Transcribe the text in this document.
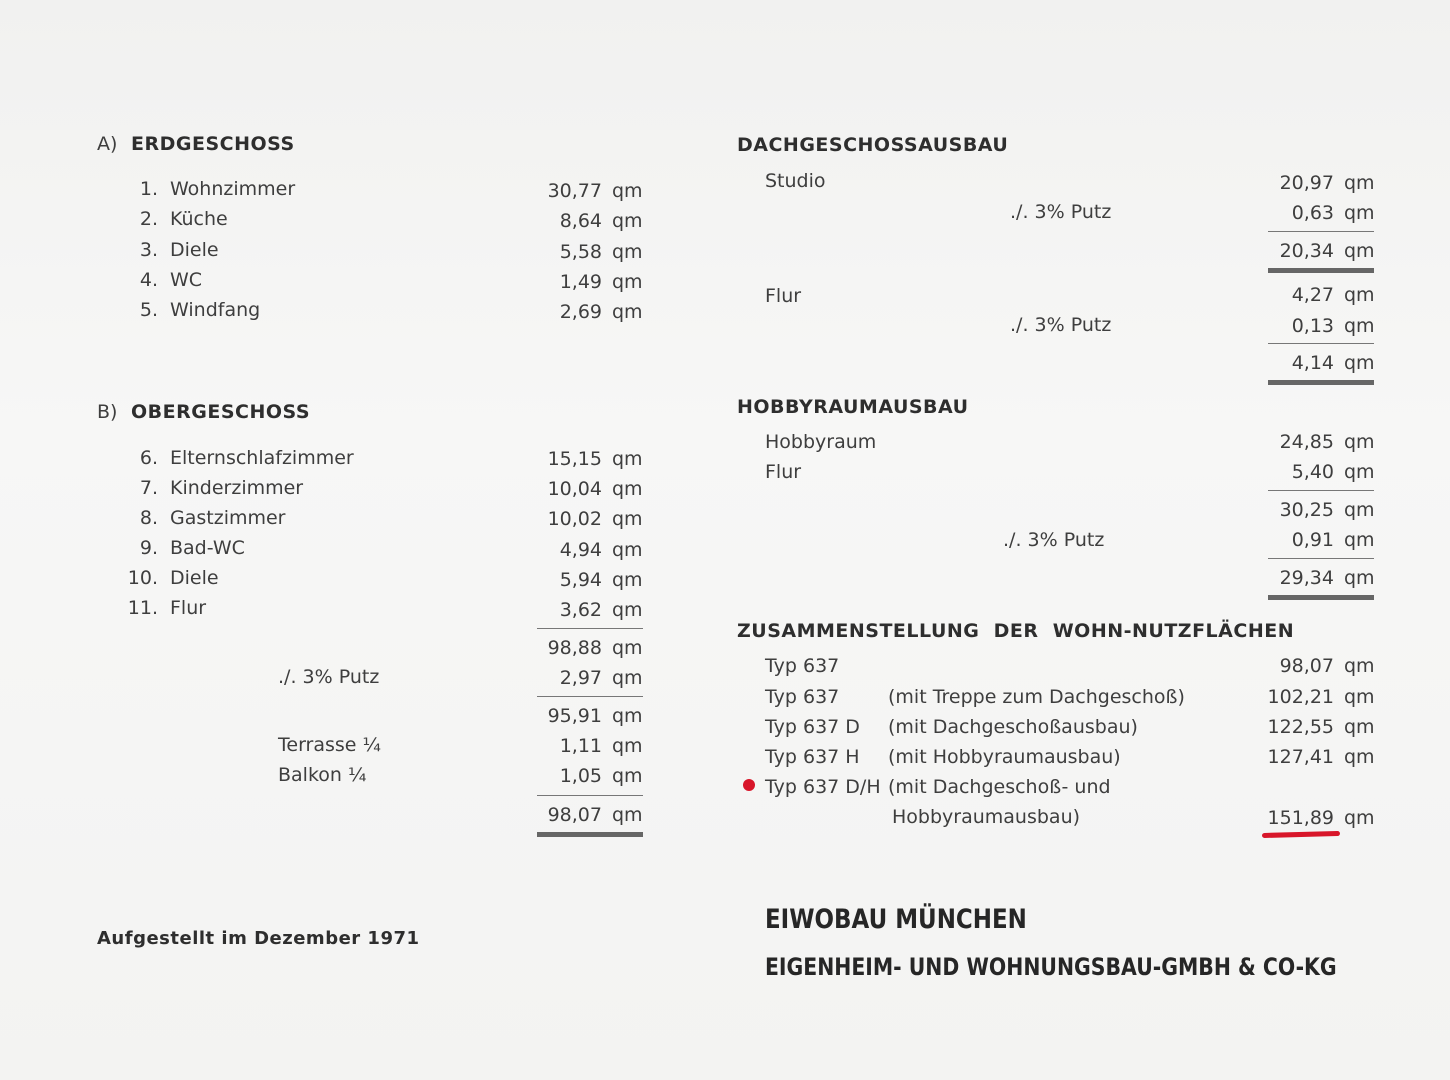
A) ERDGESCHOSS
1. Wohnzimmer	30,77 qm
2. Küche	8,64 qm
3. Diele	5,58 qm
4. WC	1,49 qm
5. Windfang	2,69 qm
B) OBERGESCHOSS
6. Elternschlafzimmer	15,15 qm
7. Kinderzimmer	10,04 qm
8. Gastzimmer	10,02 qm
9. Bad-WC	4,94 qm
10. Diele	5,94 qm
11. Flur	3,62 qm
98,88 qm
./. 3% Putz	2,97 qm
95,91 qm
Terrasse ¼	1,11 qm
Balkon ¼	1,05 qm
98,07 qm
Aufgestellt im Dezember 1971
DACHGESCHOSSAUSBAU
Studio	20,97 qm
./. 3% Putz	0,63 qm
20,34 qm
Flur	4,27 qm
./. 3% Putz	0,13 qm
4,14 qm
HOBBYRAUMAUSBAU
Hobbyraum	24,85 qm
Flur	5,40 qm
30,25 qm
./. 3% Putz	0,91 qm
29,34 qm
ZUSAMMENSTELLUNG  DER  WOHN-NUTZFLÄCHEN
Typ 637	98,07 qm
Typ 637	(mit Treppe zum Dachgeschoß)	102,21 qm
Typ 637 D (mit Dachgeschoßausbau)	122,55 qm
Typ 637 H (mit Hobbyraumausbau)	127,41 qm
Typ 637 D/H (mit Dachgeschoß- und
Hobbyraumausbau)	151,89 qm
EIWOBAU MÜNCHEN
EIGENHEIM- UND WOHNUNGSBAU-GMBH & CO-KG
